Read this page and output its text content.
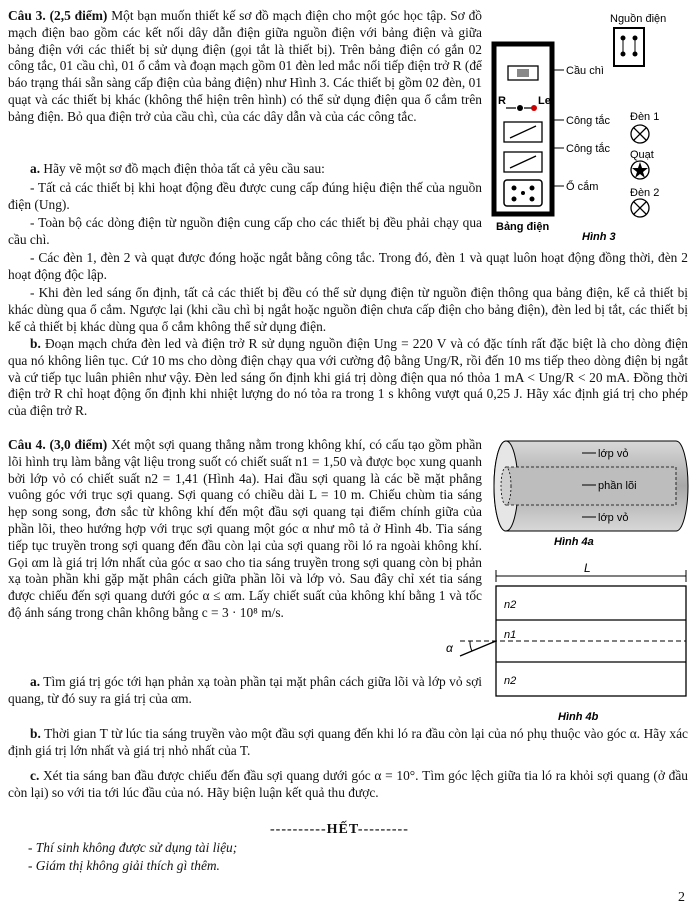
Câu 3. (2,5 điểm) Một bạn muốn thiết kế sơ đồ mạch điện cho một góc học tập. Sơ đồ mạch điện bao gồm các kết nối dây dẫn điện giữa nguồn điện với bảng điện và giữa bảng điện với các thiết bị sử dụng điện (gọi tắt là thiết bị). Trên bảng điện có gắn 02 công tắc, 01 cầu chì, 01 ổ cắm và đoạn mạch gồm 01 đèn led mắc nối tiếp điện trở R (để báo trạng thái sẵn sàng cấp điện của bảng điện) như Hình 3. Các thiết bị gồm 02 đèn, 01 quạt và các thiết bị khác (không thể hiện trên hình) có thể sử dụng điện qua ổ cắm trên bảng điện. Bỏ qua điện trở của cầu chì, của các dây dẫn và của các công tắc.
a. Hãy vẽ một sơ đồ mạch điện thỏa tất cả yêu cầu sau:
- Tất cả các thiết bị khi hoạt động đều được cung cấp đúng hiệu điện thế của nguồn điện (Ung).
- Toàn bộ các dòng điện từ nguồn điện cung cấp cho các thiết bị đều phải chạy qua cầu chì.
- Các đèn 1, đèn 2 và quạt được đóng hoặc ngắt bằng công tắc. Trong đó, đèn 1 và quạt luôn hoạt động đồng thời, đèn 2 hoạt động độc lập.
- Khi đèn led sáng ổn định, tất cả các thiết bị đều có thể sử dụng điện từ nguồn điện thông qua bảng điện, kể cả thiết bị khác dùng qua ổ cắm. Ngược lại (khi cầu chì bị ngắt hoặc nguồn điện chưa cấp điện cho bảng điện), đèn led bị tắt, các thiết bị kể cả thiết bị khác dùng qua ổ cắm không thể sử dụng điện.
b. Đoạn mạch chứa đèn led và điện trở R sử dụng nguồn điện Ung = 220 V và có đặc tính rất đặc biệt là cho dòng điện qua nó không liên tục. Cứ 10 ms cho dòng điện chạy qua với cường độ bằng Ung/R, rồi đến 10 ms tiếp theo dòng điện bị ngắt và cứ tiếp tục luân phiên như vậy. Đèn led sáng ổn định khi giá trị dòng điện qua nó thỏa 1 mA < Ung/R < 20 mA. Đồng thời điện trở R chỉ hoạt động ổn định khi nhiệt lượng do nó tỏa ra trong 1 s không vượt quá 0,25 J. Hãy xác định giá trị cho phép của điện trở R.
Nguồn điện
Cầu chì
R	Le
Công tắc
Công tắc
Ổ cắm
Bảng điện
Đèn 1
Quạt
Đèn 2
Hình 3
Câu 4. (3,0 điểm) Xét một sợi quang thẳng nằm trong không khí, có cấu tạo gồm phần lõi hình trụ làm bằng vật liệu trong suốt có chiết suất n1 = 1,50 và được bọc xung quanh bởi lớp vỏ có chiết suất n2 = 1,41 (Hình 4a). Hai đầu sợi quang là các bề mặt phẳng vuông góc với trục sợi quang. Sợi quang có chiều dài L = 10 m. Chiếu chùm tia sáng hẹp song song, đơn sắc từ không khí đến một đầu sợi quang tại điểm chính giữa của phần lõi, theo hướng hợp với trục sợi quang một góc α như mô tả ở Hình 4b. Tia sáng tiếp tục truyền trong sợi quang đến đầu còn lại của sợi quang rồi ló ra ngoài không khí. Gọi αm là giá trị lớn nhất của góc α sao cho tia sáng truyền trong sợi quang còn bị phản xạ toàn phần khi gặp mặt phân cách giữa phần lõi và lớp vỏ. Sau đây chỉ xét tia sáng được chiếu đến sợi quang dưới góc α ≤ αm. Lấy chiết suất của không khí bằng 1 và tốc độ ánh sáng trong chân không bằng c = 3 · 10⁸ m/s.
a. Tìm giá trị góc tới hạn phản xạ toàn phần tại mặt phân cách giữa lõi và lớp vỏ sợi quang, từ đó suy ra giá trị của αm.
b. Thời gian T từ lúc tia sáng truyền vào một đầu sợi quang đến khi ló ra đầu còn lại của nó phụ thuộc vào góc α. Hãy xác định giá trị lớn nhất và giá trị nhỏ nhất của T.
c. Xét tia sáng ban đầu được chiếu đến đầu sợi quang dưới góc α = 10°. Tìm góc lệch giữa tia ló ra khỏi sợi quang (ở đầu còn lại) so với tia tới lúc đầu của nó. Hãy biện luận kết quả thu được.
lớp vỏ
phần lõi
lớp vỏ
Hình 4a
L
n2
n1
n2
α
Hình 4b
----------HẾT---------
- Thí sinh không được sử dụng tài liệu;
- Giám thị không giải thích gì thêm.
2
